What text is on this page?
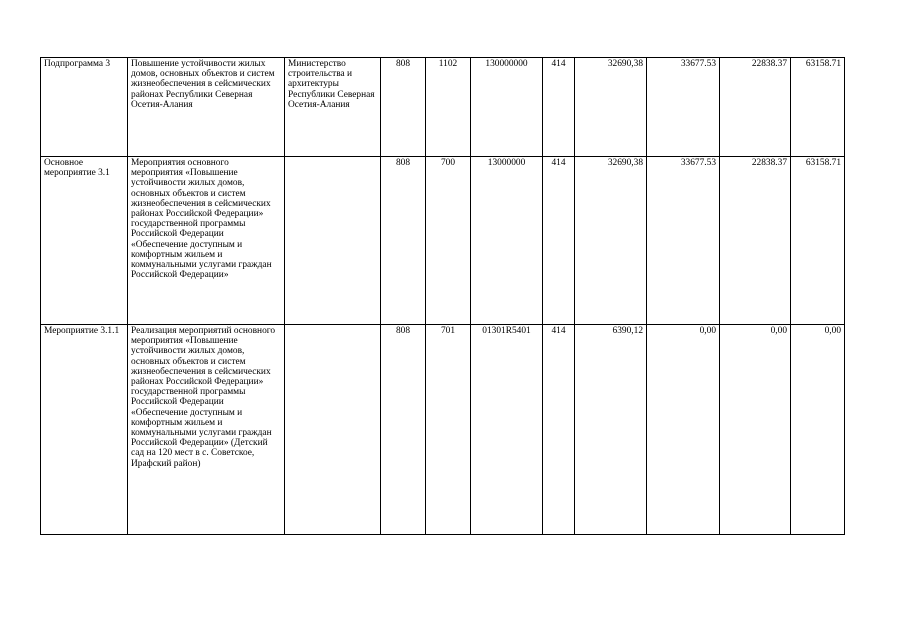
Подпрограмма 3	Повышение устойчивости жилых домов, основных объектов и систем жизнеобеспечения в сейсмических районах Республики Северная Осетия-Алания	Министерство строительства и архитектуры Республики Северная Осетия-Алания	808	1102	130000000	414	32690,38	33677.53	22838.37	63158.71
Основное мероприятие 3.1	Мероприятия основного мероприятия «Повышение устойчивости жилых домов, основных объектов и систем жизнеобеспечения в сейсмических районах Российской Федерации» государственной программы Российской Федерации «Обеспечение доступным и комфортным жильем и коммунальными услугами граждан Российской Федерации»		808	700	13000000	414	32690,38	33677.53	22838.37	63158.71
Мероприятие 3.1.1	Реализация мероприятий основного мероприятия «Повышение устойчивости жилых домов, основных объектов и систем жизнеобеспечения в сейсмических районах Российской Федерации» государственной программы Российской Федерации «Обеспечение доступным и комфортным жильем и коммунальными услугами граждан Российской Федерации» (Детский сад на 120 мест в с. Советское, Ирафский район)		808	701	01301R5401	414	6390,12	0,00	0,00	0,00
